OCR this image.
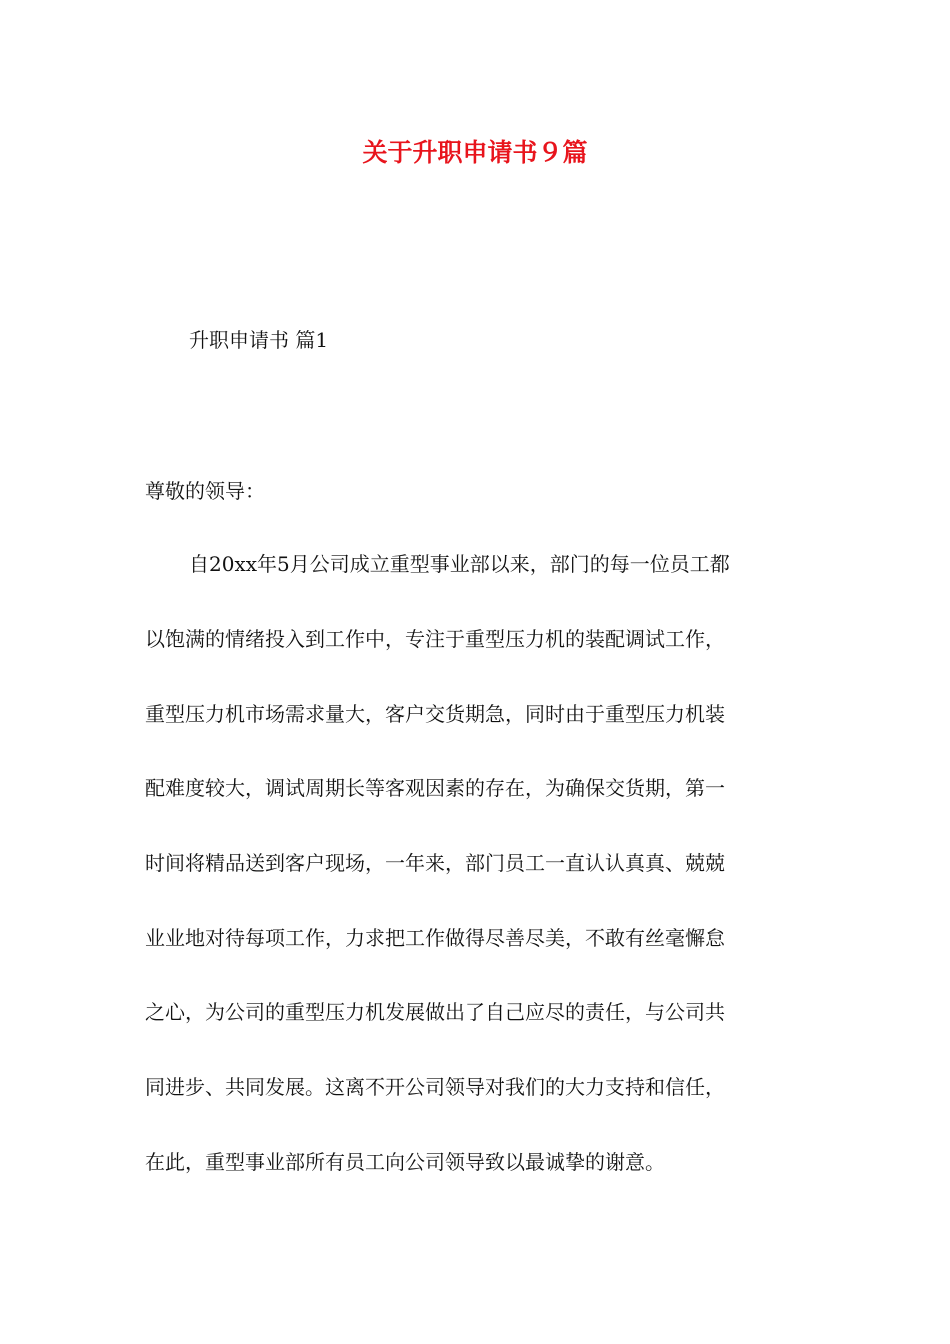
关于升职申请书９篇
升职申请书 篇1
尊敬的领导：
自20xx年5月公司成立重型事业部以来，部门的每一位员工都
以饱满的情绪投入到工作中，专注于重型压力机的装配调试工作，
重型压力机市场需求量大，客户交货期急，同时由于重型压力机装
配难度较大，调试周期长等客观因素的存在，为确保交货期，第一
时间将精品送到客户现场，一年来，部门员工一直认认真真、兢兢
业业地对待每项工作，力求把工作做得尽善尽美，不敢有丝毫懈怠
之心，为公司的重型压力机发展做出了自己应尽的责任，与公司共
同进步、共同发展。这离不开公司领导对我们的大力支持和信任，
在此，重型事业部所有员工向公司领导致以最诚挚的谢意。
